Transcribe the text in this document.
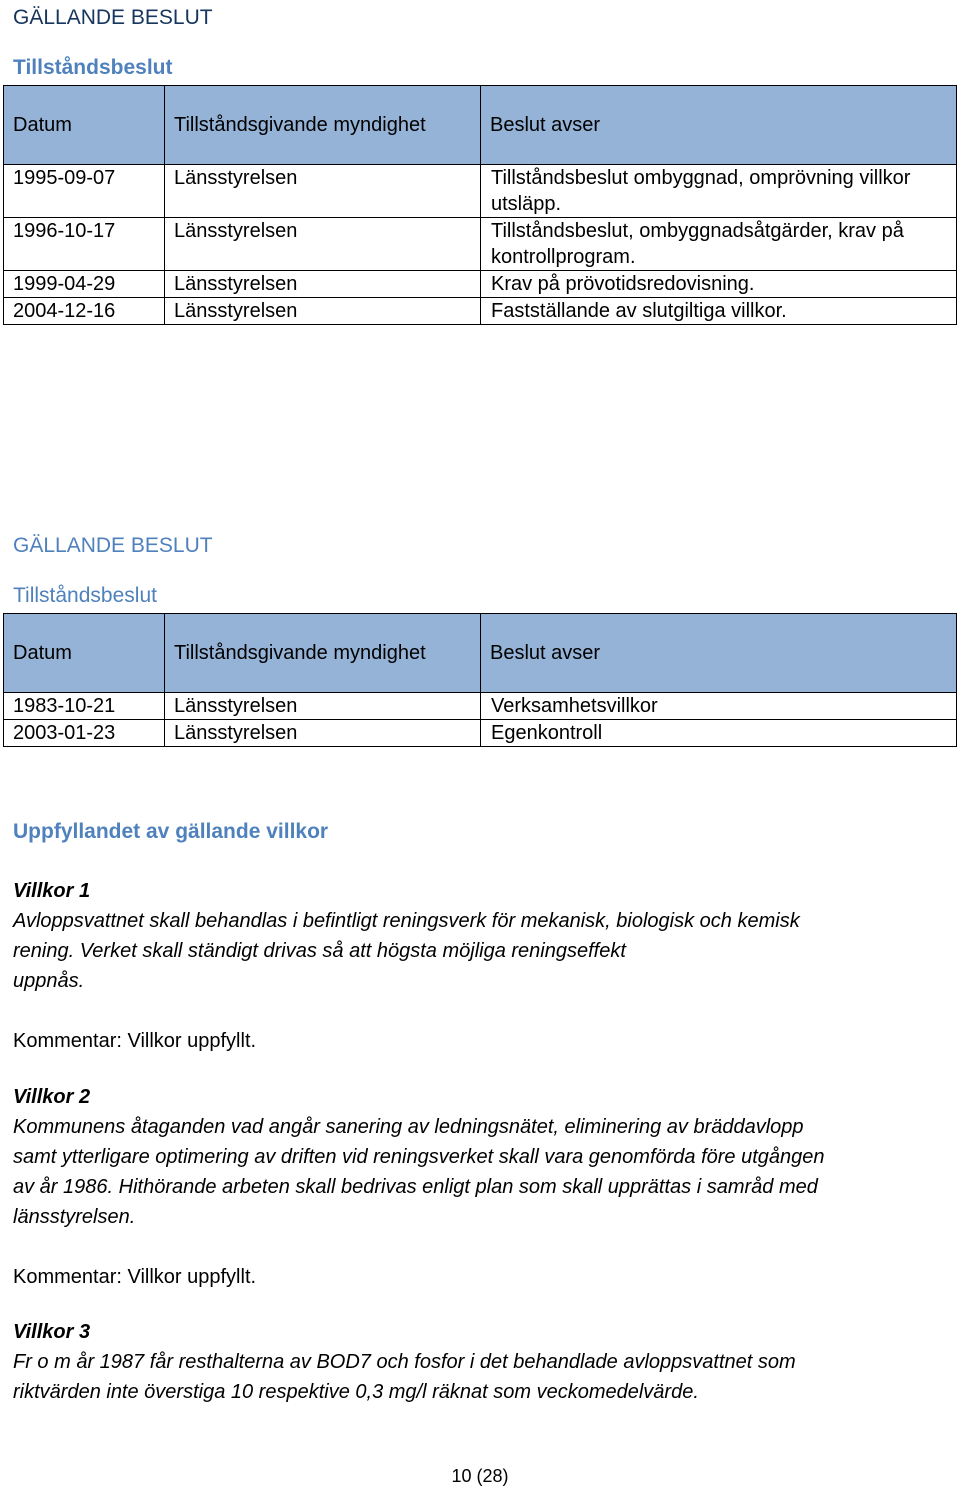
GÄLLANDE BESLUT
Tillståndsbeslut
Datum	Tillståndsgivande myndighet	Beslut avser
1995-09-07	Länsstyrelsen	Tillståndsbeslut ombyggnad, omprövning villkor utsläpp.
1996-10-17	Länsstyrelsen	Tillståndsbeslut, ombyggnadsåtgärder, krav på kontrollprogram.
1999-04-29	Länsstyrelsen	Krav på prövotidsredovisning.
2004-12-16	Länsstyrelsen	Fastställande av slutgiltiga villkor.
GÄLLANDE BESLUT
Tillståndsbeslut
Datum	Tillståndsgivande myndighet	Beslut avser
1983-10-21	Länsstyrelsen	Verksamhetsvillkor
2003-01-23	Länsstyrelsen	Egenkontroll
Uppfyllandet av gällande villkor
Villkor 1
Avloppsvattnet skall behandlas i befintligt reningsverk för mekanisk, biologisk och kemisk
rening. Verket skall ständigt drivas så att högsta möjliga reningseffekt
uppnås.
Kommentar: Villkor uppfyllt.
Villkor 2
Kommunens åtaganden vad angår sanering av ledningsnätet, eliminering av bräddavlopp
samt ytterligare optimering av driften vid reningsverket skall vara genomförda före utgången
av år 1986. Hithörande arbeten skall bedrivas enligt plan som skall upprättas i samråd med
länsstyrelsen.
Kommentar: Villkor uppfyllt.
Villkor 3
Fr o m år 1987 får resthalterna av BOD7 och fosfor i det behandlade avloppsvattnet som
riktvärden inte överstiga 10 respektive 0,3 mg/l räknat som veckomedelvärde.
10 (28)
